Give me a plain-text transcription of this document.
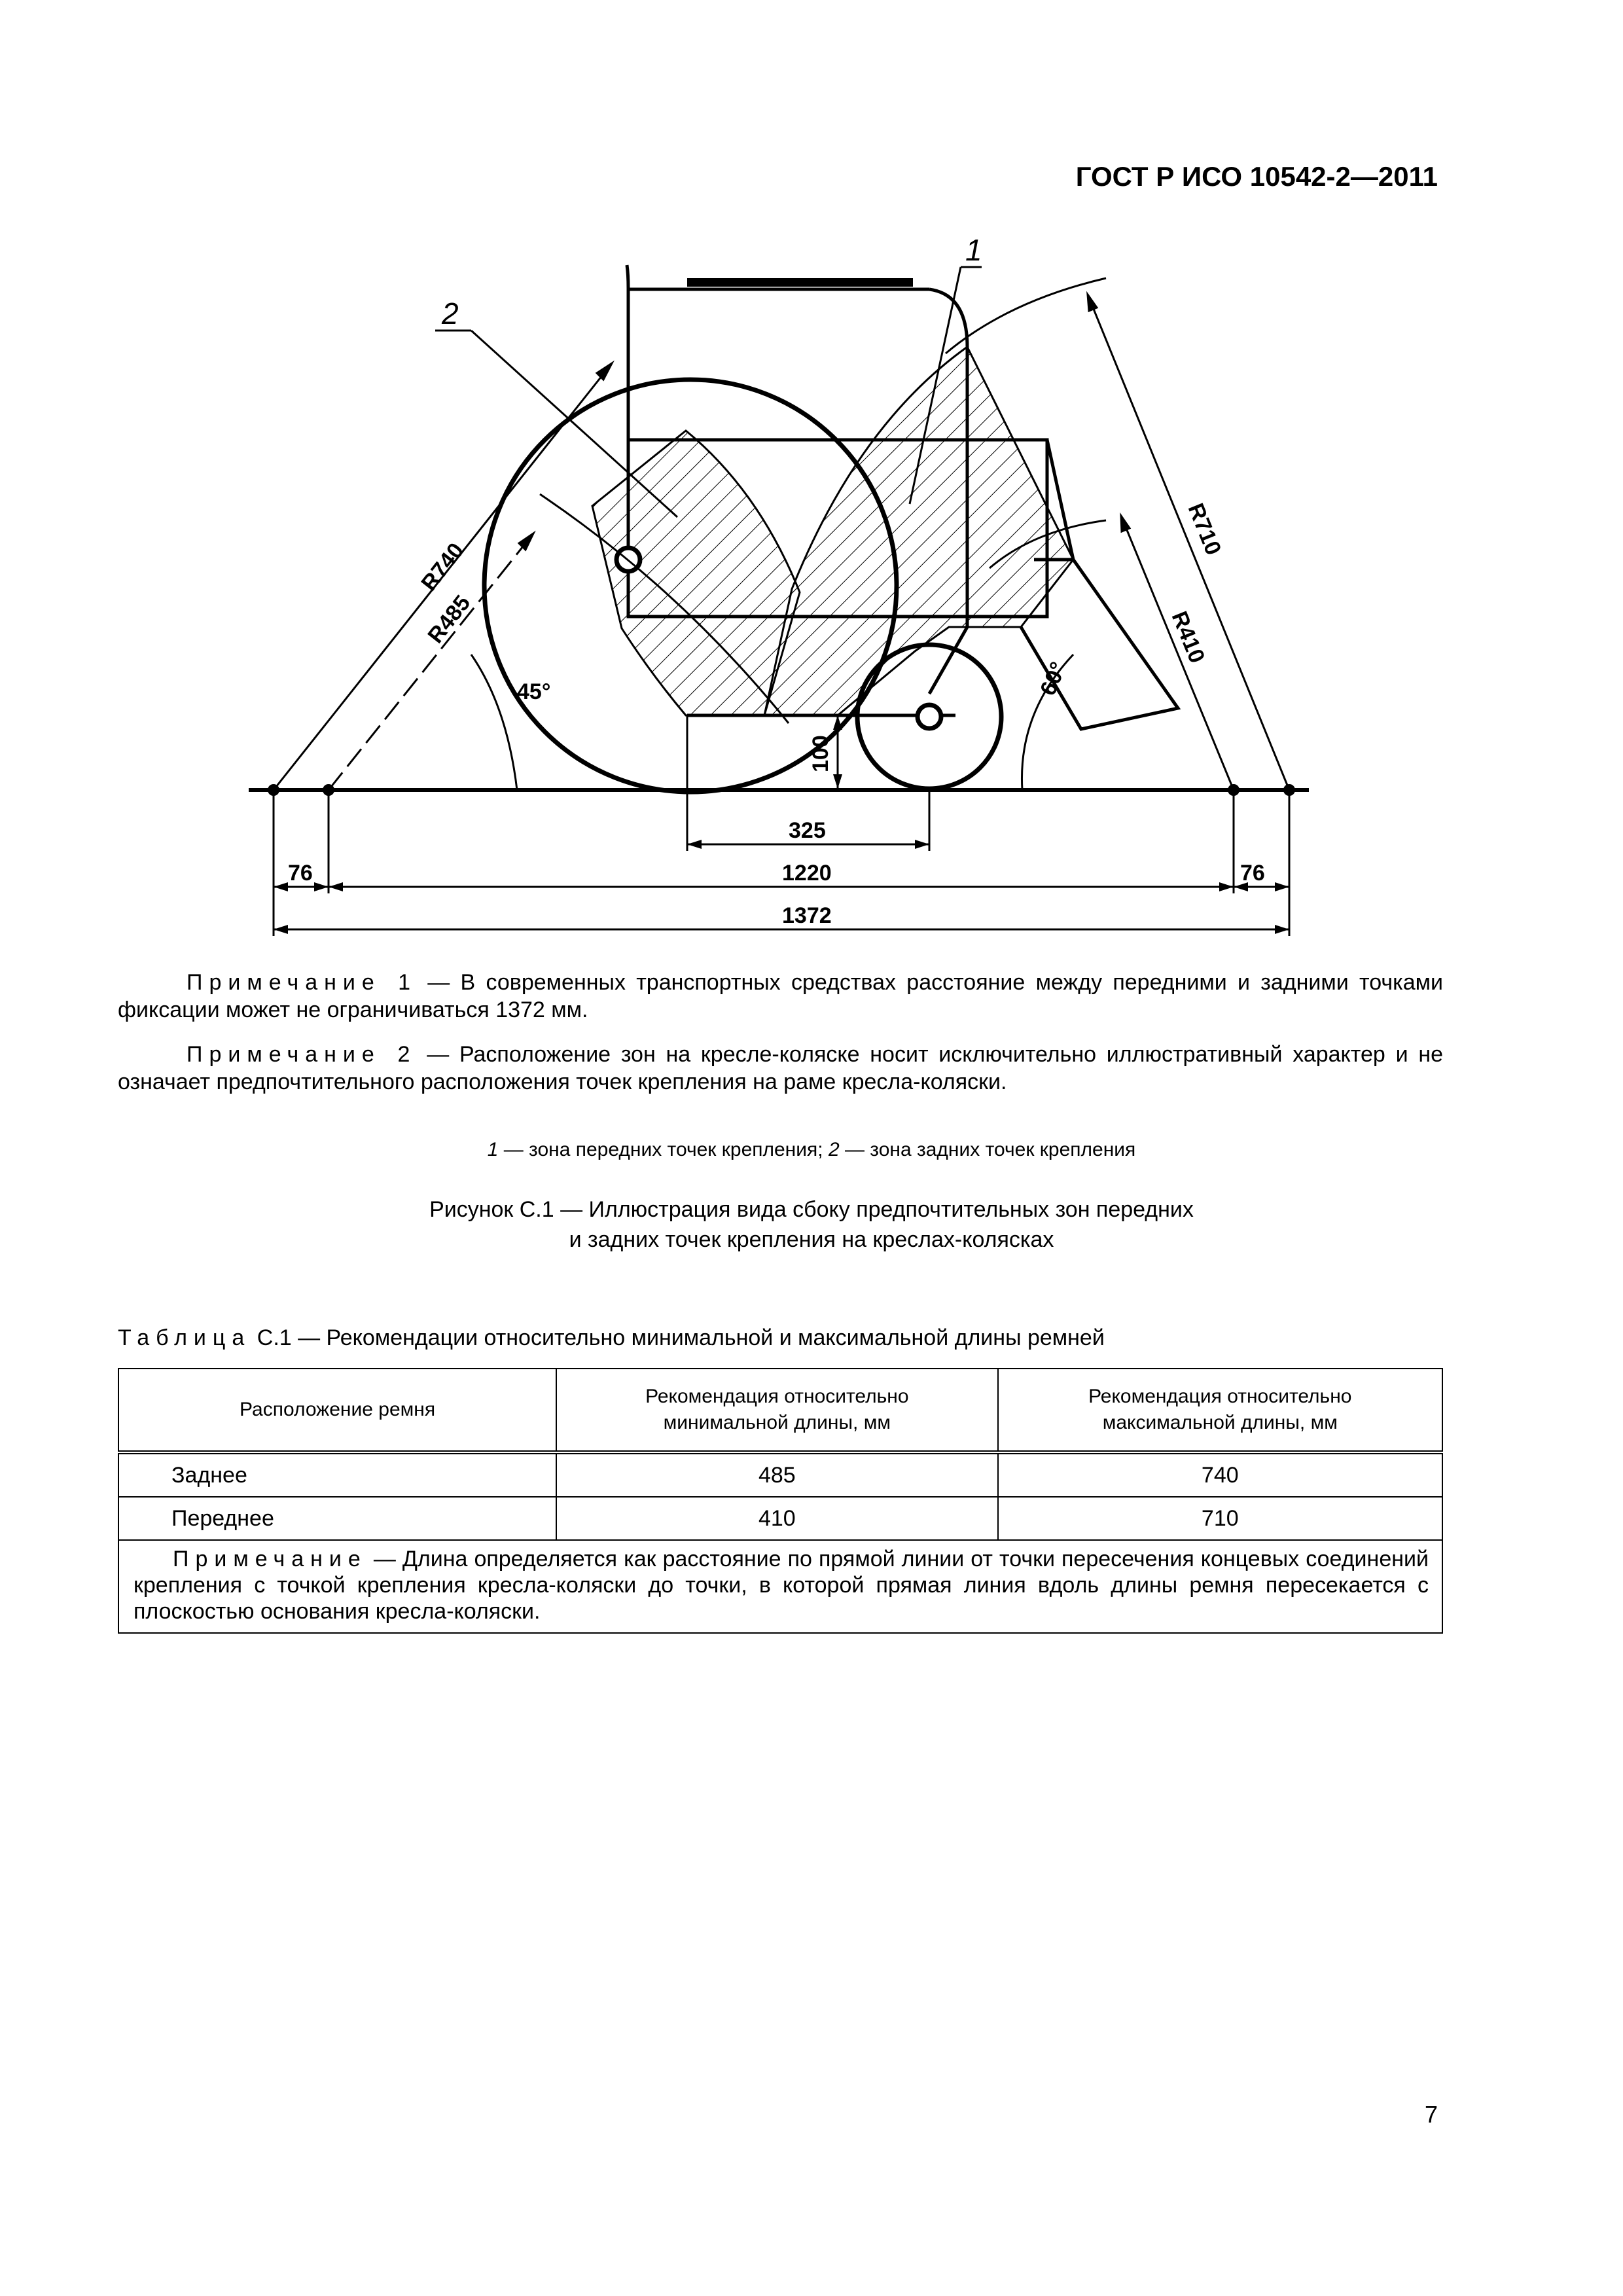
ГОСТ Р ИСО 10542-2—2011
2
1
R740
R485
R710
R410
45°	60°
100
325
1220
1372
76	76
Примечание 1 — В современных транспортных средствах расстояние между передними и задними точками фиксации может не ограничиваться 1372 мм.
Примечание 2 — Расположение зон на кресле-коляске носит исключительно иллюстративный характер и не означает предпочтительного расположения точек крепления на раме кресла-коляски.
1 — зона передних точек крепления; 2 — зона задних точек крепления
Рисунок С.1 — Иллюстрация вида сбоку предпочтительных зон передних
и задних точек крепления на креслах-колясках
Таблица С.1 — Рекомендации относительно минимальной и максимальной длины ремней
Расположение ремня	Рекомендация относительно минимальной длины, мм	Рекомендация относительно максимальной длины, мм
Заднее	485	740
Переднее	410	710
Примечание — Длина определяется как расстояние по прямой линии от точки пересечения концевых соединений крепления с точкой крепления кресла-коляски до точки, в которой прямая линия вдоль длины ремня пересекается с плоскостью основания кресла-коляски.		
7
